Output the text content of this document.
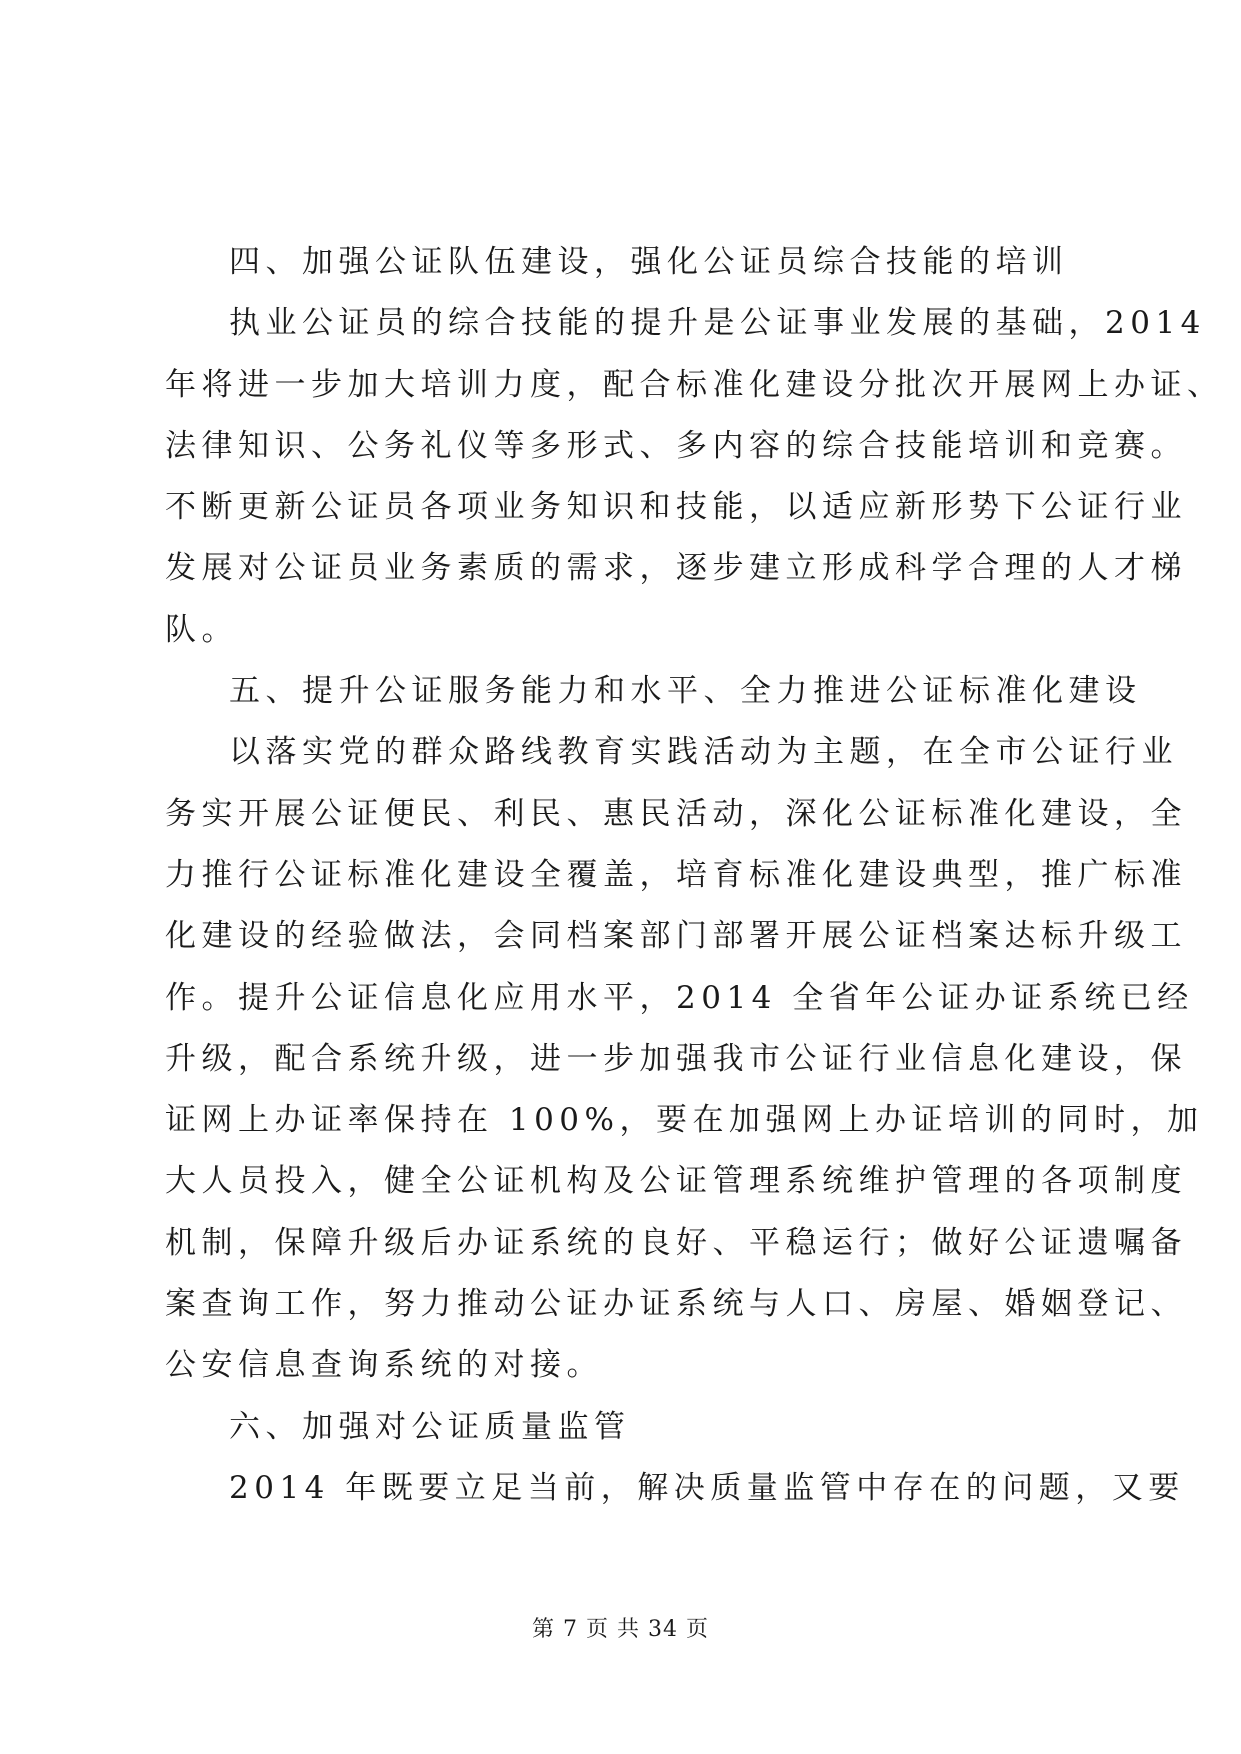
四、加强公证队伍建设，强化公证员综合技能的培训
执业公证员的综合技能的提升是公证事业发展的基础，2014
年将进一步加大培训力度，配合标准化建设分批次开展网上办证、
法律知识、公务礼仪等多形式、多内容的综合技能培训和竞赛。
不断更新公证员各项业务知识和技能，以适应新形势下公证行业
发展对公证员业务素质的需求，逐步建立形成科学合理的人才梯
队。
五、提升公证服务能力和水平、全力推进公证标准化建设
以落实党的群众路线教育实践活动为主题，在全市公证行业
务实开展公证便民、利民、惠民活动，深化公证标准化建设，全
力推行公证标准化建设全覆盖，培育标准化建设典型，推广标准
化建设的经验做法，会同档案部门部署开展公证档案达标升级工
作。提升公证信息化应用水平，2014 全省年公证办证系统已经
升级，配合系统升级，进一步加强我市公证行业信息化建设，保
证网上办证率保持在 100%，要在加强网上办证培训的同时，加
大人员投入，健全公证机构及公证管理系统维护管理的各项制度
机制，保障升级后办证系统的良好、平稳运行；做好公证遗嘱备
案查询工作，努力推动公证办证系统与人口、房屋、婚姻登记、
公安信息查询系统的对接。
六、加强对公证质量监管
2014 年既要立足当前，解决质量监管中存在的问题，又要
第 7 页 共 34 页
